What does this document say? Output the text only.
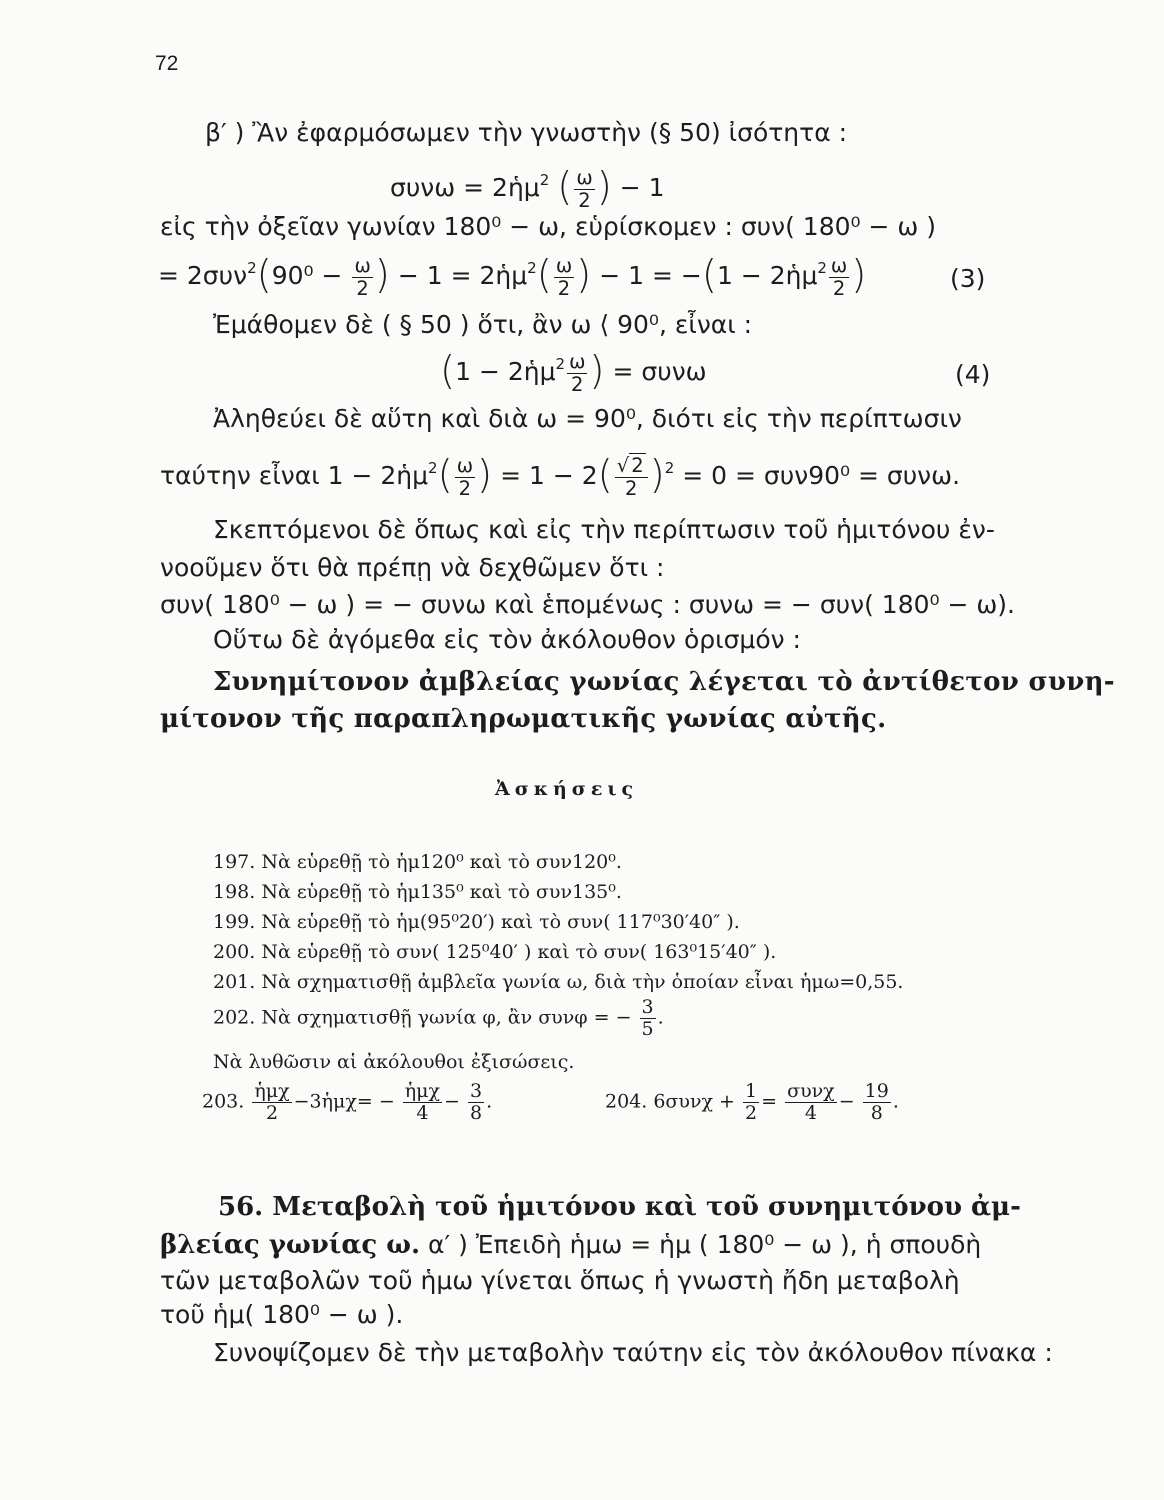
72
β′ ) Ἂν ἐφαρμόσωμεν τὴν γνωστὴν (§ 50) ἰσότητα :
συνω = 2ἡμ$^2$ ( $\frac{\omega}{2}$ ) − 1
εἰς τὴν ὀξεῖαν γωνίαν 180⁰ − ω, εὑρίσκομεν : συν( 180⁰ − ω )
= $2\sigma\upsilon\nu^2(90^0 - \frac{\omega}{2}$ ) − 1 = 2ἡμ$^2$( $\frac{\omega}{2}$ ) − 1 = −(1 − 2ἡμ$^2$ $\frac{\omega}{2}$ )	(3)
Ἐμάθομεν δὲ ( § 50 ) ὅτι, ἂν ω ⟨ 90⁰, εἶναι :
(1 − 2ἡμ$^2$ $\frac{\omega}{2}$ ) = συνω	(4)
Ἀληθεύει δὲ αὕτη καὶ διὰ ω = 90⁰, διότι εἰς τὴν περίπτωσιν
ταύτην εἶναι 1 − 2ἡμ$^2$( $\frac{\omega}{2}$ ) = $1 - 2( \frac{√ 2}{2} )^2 = 0 = \sigma\upsilon\nu 90^0 = \sigma\upsilon\nu\omega$.
Σκεπτόμενοι δὲ ὅπως καὶ εἰς τὴν περίπτωσιν τοῦ ἡμιτόνου ἐν-
νοοῦμεν ὅτι θὰ πρέπῃ νὰ δεχθῶμεν ὅτι :
συν( 180⁰ − ω ) = − συνω καὶ ἑπομένως : συνω = − συν( 180⁰ − ω).
Οὕτω δὲ ἀγόμεθα εἰς τὸν ἀκόλουθον ὁρισμόν :
Συνημίτονον ἀμβλείας γωνίας λέγεται τὸ ἀντίθετον συνη-
μίτονον τῆς παραπληρωματικῆς γωνίας αὐτῆς.
Ἀσκήσεις
197. Νὰ εὑρεθῇ τὸ ἡμ120⁰ καὶ τὸ συν120⁰.
198. Νὰ εὑρεθῇ τὸ ἡμ135⁰ καὶ τὸ συν135⁰.
199. Νὰ εὑρεθῇ τὸ ἡμ(95⁰20′) καὶ τὸ συν( 117⁰30′40″ ).
200. Νὰ εὑρεθῇ τὸ συν( 125⁰40′ ) καὶ τὸ συν( 163⁰15′40″ ).
201. Νὰ σχηματισθῇ ἀμβλεῖα γωνία ω, διὰ τὴν ὁποίαν εἶναι ἡμω=0,55.
202. Νὰ σχηματισθῇ γωνία φ, ἂν συνφ = − $\frac{3}{5}$ .
Νὰ λυθῶσιν αἱ ἀκόλουθοι ἐξισώσεις.
203. $\frac{\text{ἡμχ}}{2}$ −3ἡμχ= − $\frac{\text{ἡμχ}}{4} - \frac{3}{8}$ .	204. $6\sigma\upsilon\nu\chi + \frac{1}{2} = \frac{\text{συνχ}}{4} - \frac{19}{8}$ .
56. Μεταβολὴ τοῦ ἡμιτόνου καὶ τοῦ συνημιτόνου ἀμ-
βλείας γωνίας ω. α′ ) Ἐπειδὴ ἡμω = ἡμ ( 180⁰ − ω ), ἡ σπουδὴ
τῶν μεταβολῶν τοῦ ἡμω γίνεται ὅπως ἡ γνωστὴ ἤδη μεταβολὴ
τοῦ ἡμ( 180⁰ − ω ).
Συνοψίζομεν δὲ τὴν μεταβολὴν ταύτην εἰς τὸν ἀκόλουθον πίνακα :
